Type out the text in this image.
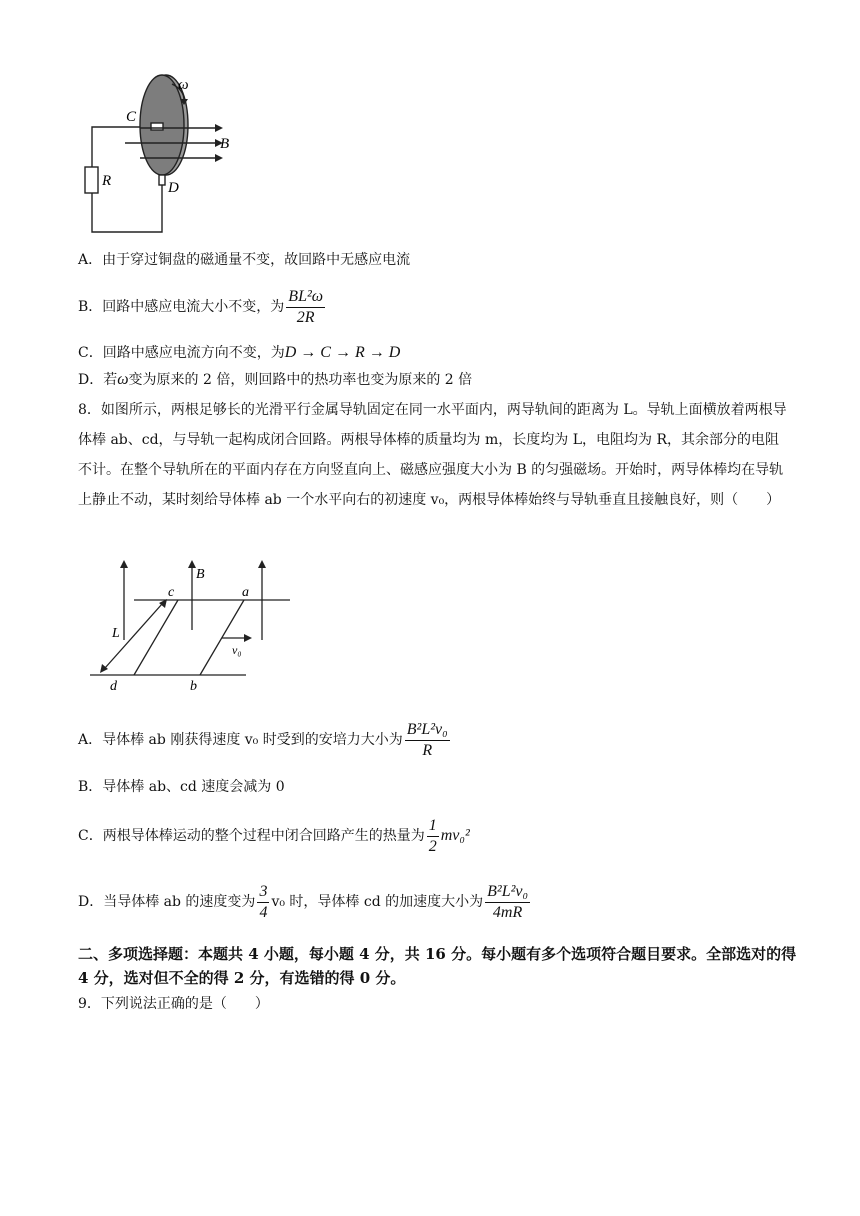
ω
C
B
R	D
A．由于穿过铜盘的磁通量不变，故回路中无感应电流
B．回路中感应电流大小不变，为 $\frac{\text{BL²ω}}{2R}$
C．回路中感应电流方向不变，为D → C → R → D
D．若ω变为原来的 2 倍，则回路中的热功率也变为原来的 2 倍
8．如图所示，两根足够长的光滑平行金属导轨固定在同一水平面内，两导轨间的距离为 L。导轨上面横放着两根导体棒 ab、cd，与导轨一起构成闭合回路。两根导体棒的质量均为 m，长度均为 L，电阻均为 R，其余部分的电阻不计。在整个导轨所在的平面内存在方向竖直向上、磁感应强度大小为 B 的匀强磁场。开始时，两导体棒均在导轨上静止不动，某时刻给导体棒 ab 一个水平向右的初速度 v₀，两根导体棒始终与导轨垂直且接触良好，则（　　）
B
c	a
L
v₀
d	b
A．导体棒 ab 刚获得速度 v₀ 时受到的安培力大小为 $\frac{\text{B²L²v₀}}{R}$
B．导体棒 ab、cd 速度会减为 0
C．两根导体棒运动的整个过程中闭合回路产生的热量为 $\frac{1}{2} mv_0^2$
D．当导体棒 ab 的速度变为 $\frac{3}{4} v_0$ 时，导体棒 cd 的加速度大小为 $\frac{\text{B²L²v₀}}{4mR}$
二、多项选择题：本题共 4 小题，每小题 4 分，共 16 分。每小题有多个选项符合题目要求。全部选对的得 4 分，选对但不全的得 2 分，有选错的得 0 分。
9．下列说法正确的是（　　）
